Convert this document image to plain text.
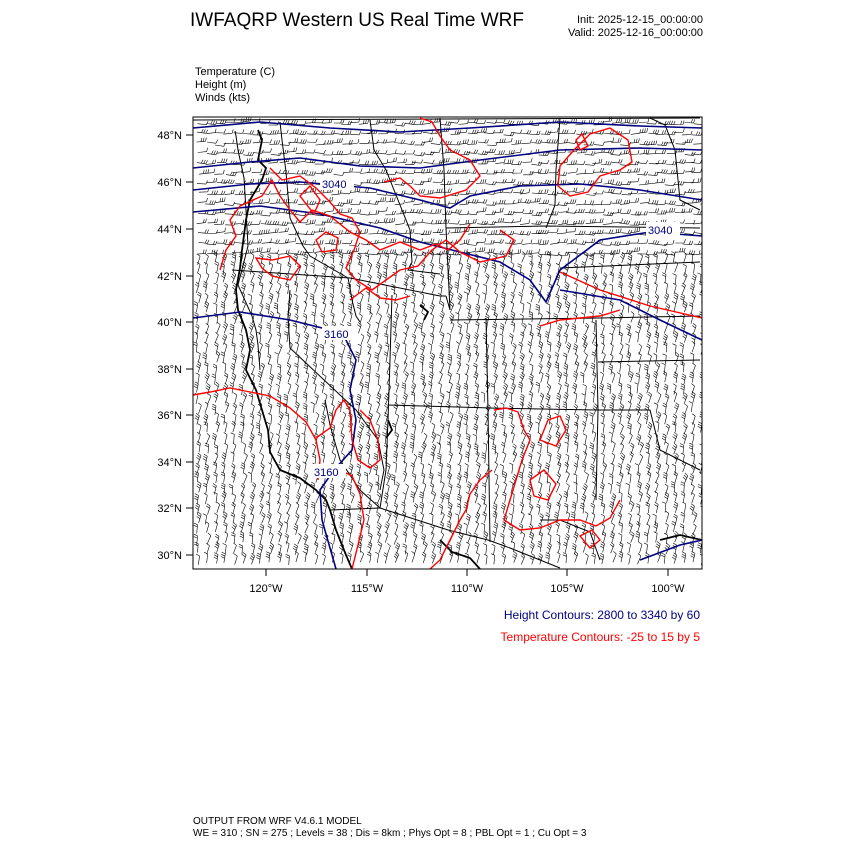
IWFAQRP Western US Real Time WRF	Init: 2025-12-15_00:00:00
Valid: 2025-12-16_00:00:00
Temperature (C)
Height (m)
Winds (kts)
3040
3040
3160
3160
48°N
46°N
44°N
42°N
40°N
38°N
36°N
34°N
32°N
30°N
120°W	115°W	110°W	105°W	100°W
Height Contours: 2800 to 3340 by 60
Temperature Contours: -25 to 15 by 5
OUTPUT FROM WRF V4.6.1 MODEL
WE = 310 ; SN = 275 ; Levels = 38 ; Dis = 8km ; Phys Opt = 8 ; PBL Opt = 1 ; Cu Opt = 3
